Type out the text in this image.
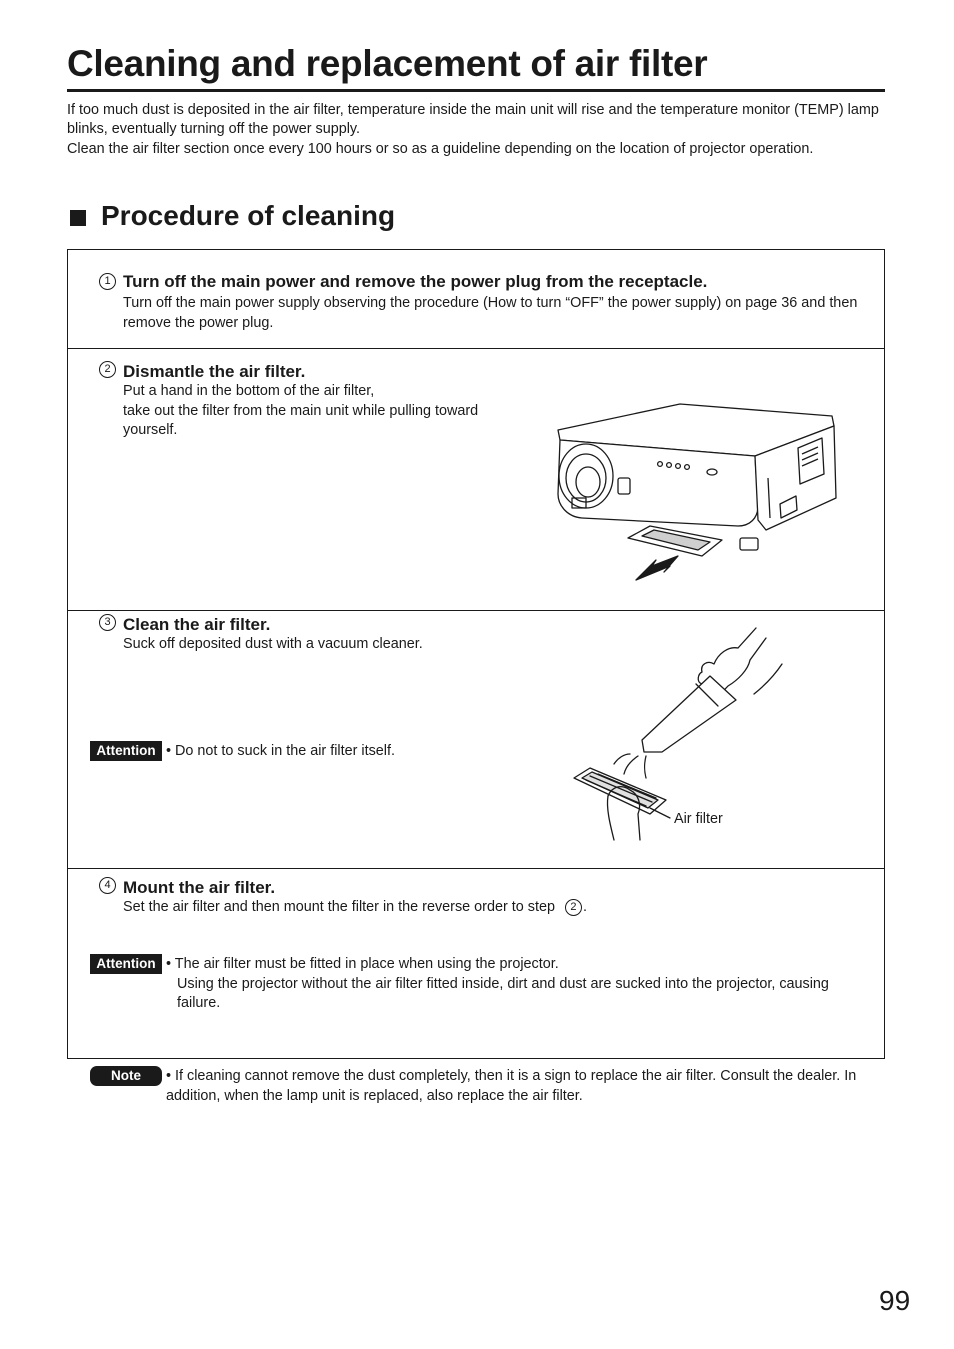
Cleaning and replacement of air filter

If too much dust is deposited in the air filter, temperature inside the main unit will rise and the temperature monitor (TEMP) lamp blinks, eventually turning off the power supply.

Clean the air filter section once every 100 hours or so as a guideline depending on the location of projector operation.

Procedure of cleaning
1 Turn off the main power and remove the power plug from the receptacle.

Turn off the main power supply observing the procedure (How to turn “OFF” the power supply) on page 36 and then remove the power plug.

2 Dismantle the air filter.

Put a hand in the bottom of the air filter,

take out the filter from the main unit while pulling toward yourself.

3 Clean the air filter.

Suck off deposited dust with a vacuum cleaner.

Attention • Do not to suck in the air filter itself.

Air filter
4 Mount the air filter.
Set the air filter and then mount the filter in the reverse order to step 2 .
Attention • The air filter must be fitted in place when using the projector.

Using the projector without the air filter fitted inside, dirt and dust are sucked into the projector, causing failure.

Note	• If cleaning cannot remove the dust completely, then it is a sign to replace the air filter. Consult the dealer. In addition, when the lamp unit is replaced, also replace the air filter.

99
